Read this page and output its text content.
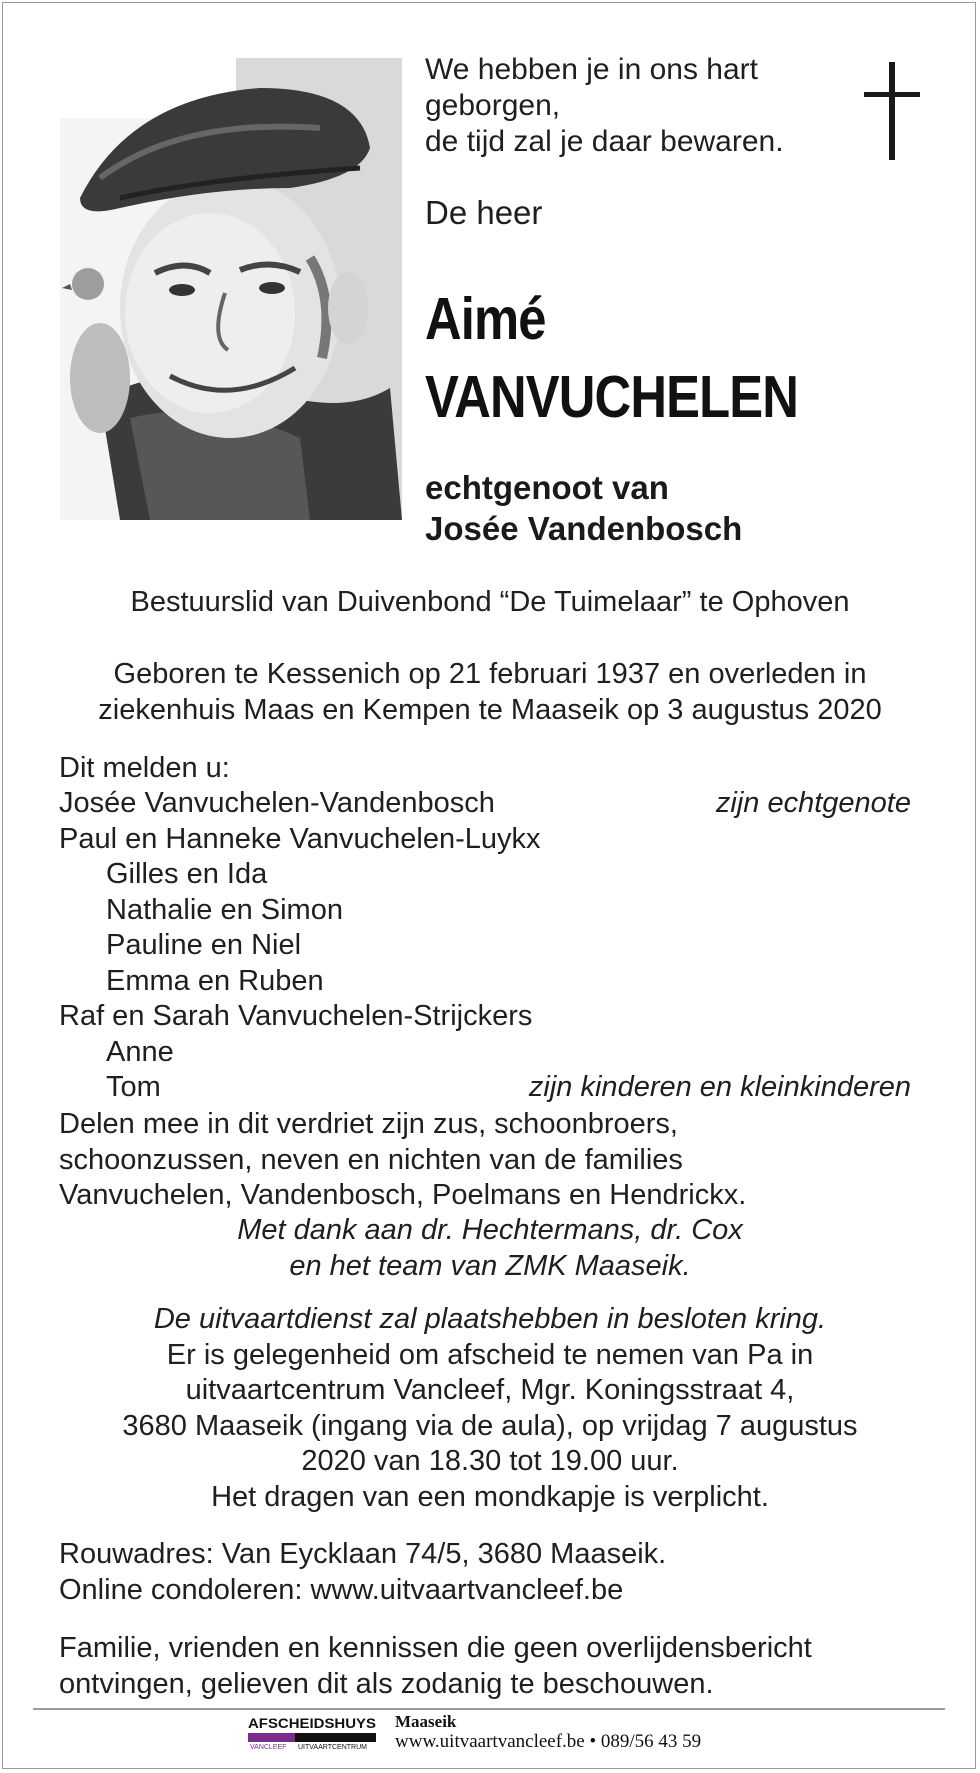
We hebben je in ons hart
geborgen,
de tijd zal je daar bewaren.
De heer
Aimé
VANVUCHELEN
echtgenoot van
Josée Vandenbosch
Bestuurslid van Duivenbond “De Tuimelaar” te Ophoven
Geboren te Kessenich op 21 februari 1937 en overleden in
ziekenhuis Maas en Kempen te Maaseik op 3 augustus 2020
Dit melden u:
Josée Vanvuchelen-Vandenbosch	zijn echtgenote
Paul en Hanneke Vanvuchelen-Luykx
Gilles en Ida
Nathalie en Simon
Pauline en Niel
Emma en Ruben
Raf en Sarah Vanvuchelen-Strijckers
Anne
Tom	zijn kinderen en kleinkinderen
Delen mee in dit verdriet zijn zus, schoonbroers,
schoonzussen, neven en nichten van de families
Vanvuchelen, Vandenbosch, Poelmans en Hendrickx.
Met dank aan dr. Hechtermans, dr. Cox
en het team van ZMK Maaseik.
De uitvaartdienst zal plaatshebben in besloten kring.
Er is gelegenheid om afscheid te nemen van Pa in
uitvaartcentrum Vancleef, Mgr. Koningsstraat 4,
3680 Maaseik (ingang via de aula), op vrijdag 7 augustus
2020 van 18.30 tot 19.00 uur.
Het dragen van een mondkapje is verplicht.
Rouwadres: Van Eycklaan 74/5, 3680 Maaseik.
Online condoleren: www.uitvaartvancleef.be
Familie, vrienden en kennissen die geen overlijdensbericht
ontvingen, gelieven dit als zodanig te beschouwen.
AFSCHEIDSHUYS
VANCLEEF UITVAARTCENTRUM
Maaseik
www.uitvaartvancleef.be • 089/56 43 59
